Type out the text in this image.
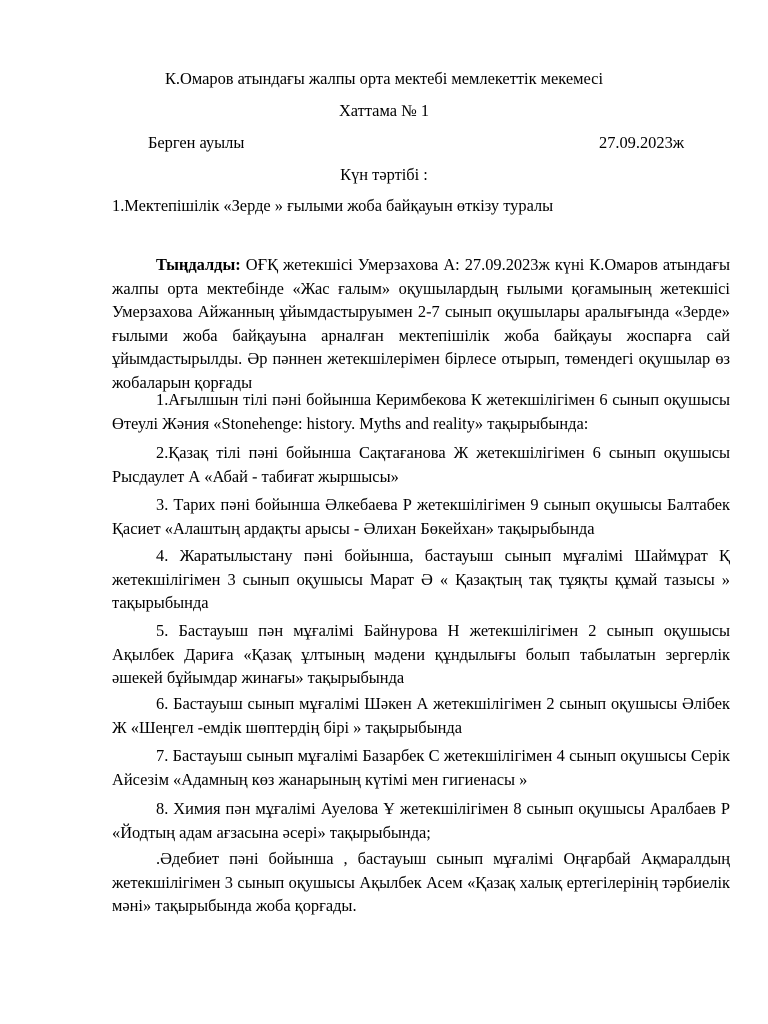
К.Омаров атындағы жалпы орта мектебі мемлекеттік мекемесі
Хаттама № 1
Берген ауылы	27.09.2023ж
Күн тәртібі :
1.Мектепішілік «Зерде » ғылыми жоба байқауын өткізу туралы
Тыңдалды: ОҒҚ жетекшісі Умерзахова А: 27.09.2023ж күні К.Омаров атындағы жалпы орта мектебінде «Жас ғалым» оқушылардың ғылыми қоғамының жетекшісі Умерзахова Айжанның ұйымдастыруымен 2-7 сынып оқушылары аралығында «Зерде» ғылыми жоба байқауына арналған мектепішілік жоба байқауы жоспарға сай ұйымдастырылды. Әр пәннен жетекшілерімен бірлесе отырып, төмендегі оқушылар өз жобаларын қорғады
1.Ағылшын тілі пәні бойынша Керимбекова К жетекшілігімен 6 сынып оқушысы Өтеулі Жәния «Stonehenge: history. Myths and reality» тақырыбында:
2.Қазақ тілі пәні бойынша Сақтағанова Ж жетекшілігімен 6 сынып оқушысы Рысдаулет А «Абай - табиғат жыршысы»
3. Тарих пәні бойынша Әлкебаева Р жетекшілігімен 9 сынып оқушысы Балтабек Қасиет «Алаштың ардақты арысы - Әлихан Бөкейхан» тақырыбында
4. Жаратылыстану пәні бойынша, бастауыш сынып мұғалімі Шаймұрат Қ жетекшілігімен 3 сынып оқушысы Марат Ә « Қазақтың тақ тұяқты құмай тазысы » тақырыбында
5. Бастауыш пән мұғалімі Байнурова Н жетекшілігімен 2 сынып оқушысы Ақылбек Дариға «Қазақ ұлтының мәдени құндылығы болып табылатын зергерлік әшекей бұйымдар жинағы» тақырыбында
6. Бастауыш сынып мұғалімі Шәкен А жетекшілігімен 2 сынып оқушысы Әлібек Ж «Шеңгел -емдік шөптердің бірі » тақырыбында
7. Бастауыш сынып мұғалімі Базарбек С жетекшілігімен 4 сынып оқушысы Серік Айсезім «Адамның көз жанарының күтімі мен гигиенасы »
8. Химия пән мұғалімі Ауелова Ұ жетекшілігімен 8 сынып оқушысы Аралбаев Р «Йодтың адам ағзасына әсері» тақырыбында;
.Әдебиет пәні бойынша , бастауыш сынып мұғалімі Оңғарбай Ақмаралдың жетекшілігімен 3 сынып оқушысы Ақылбек Асем «Қазақ халық ертегілерінің тәрбиелік мәні» тақырыбында жоба қорғады.
